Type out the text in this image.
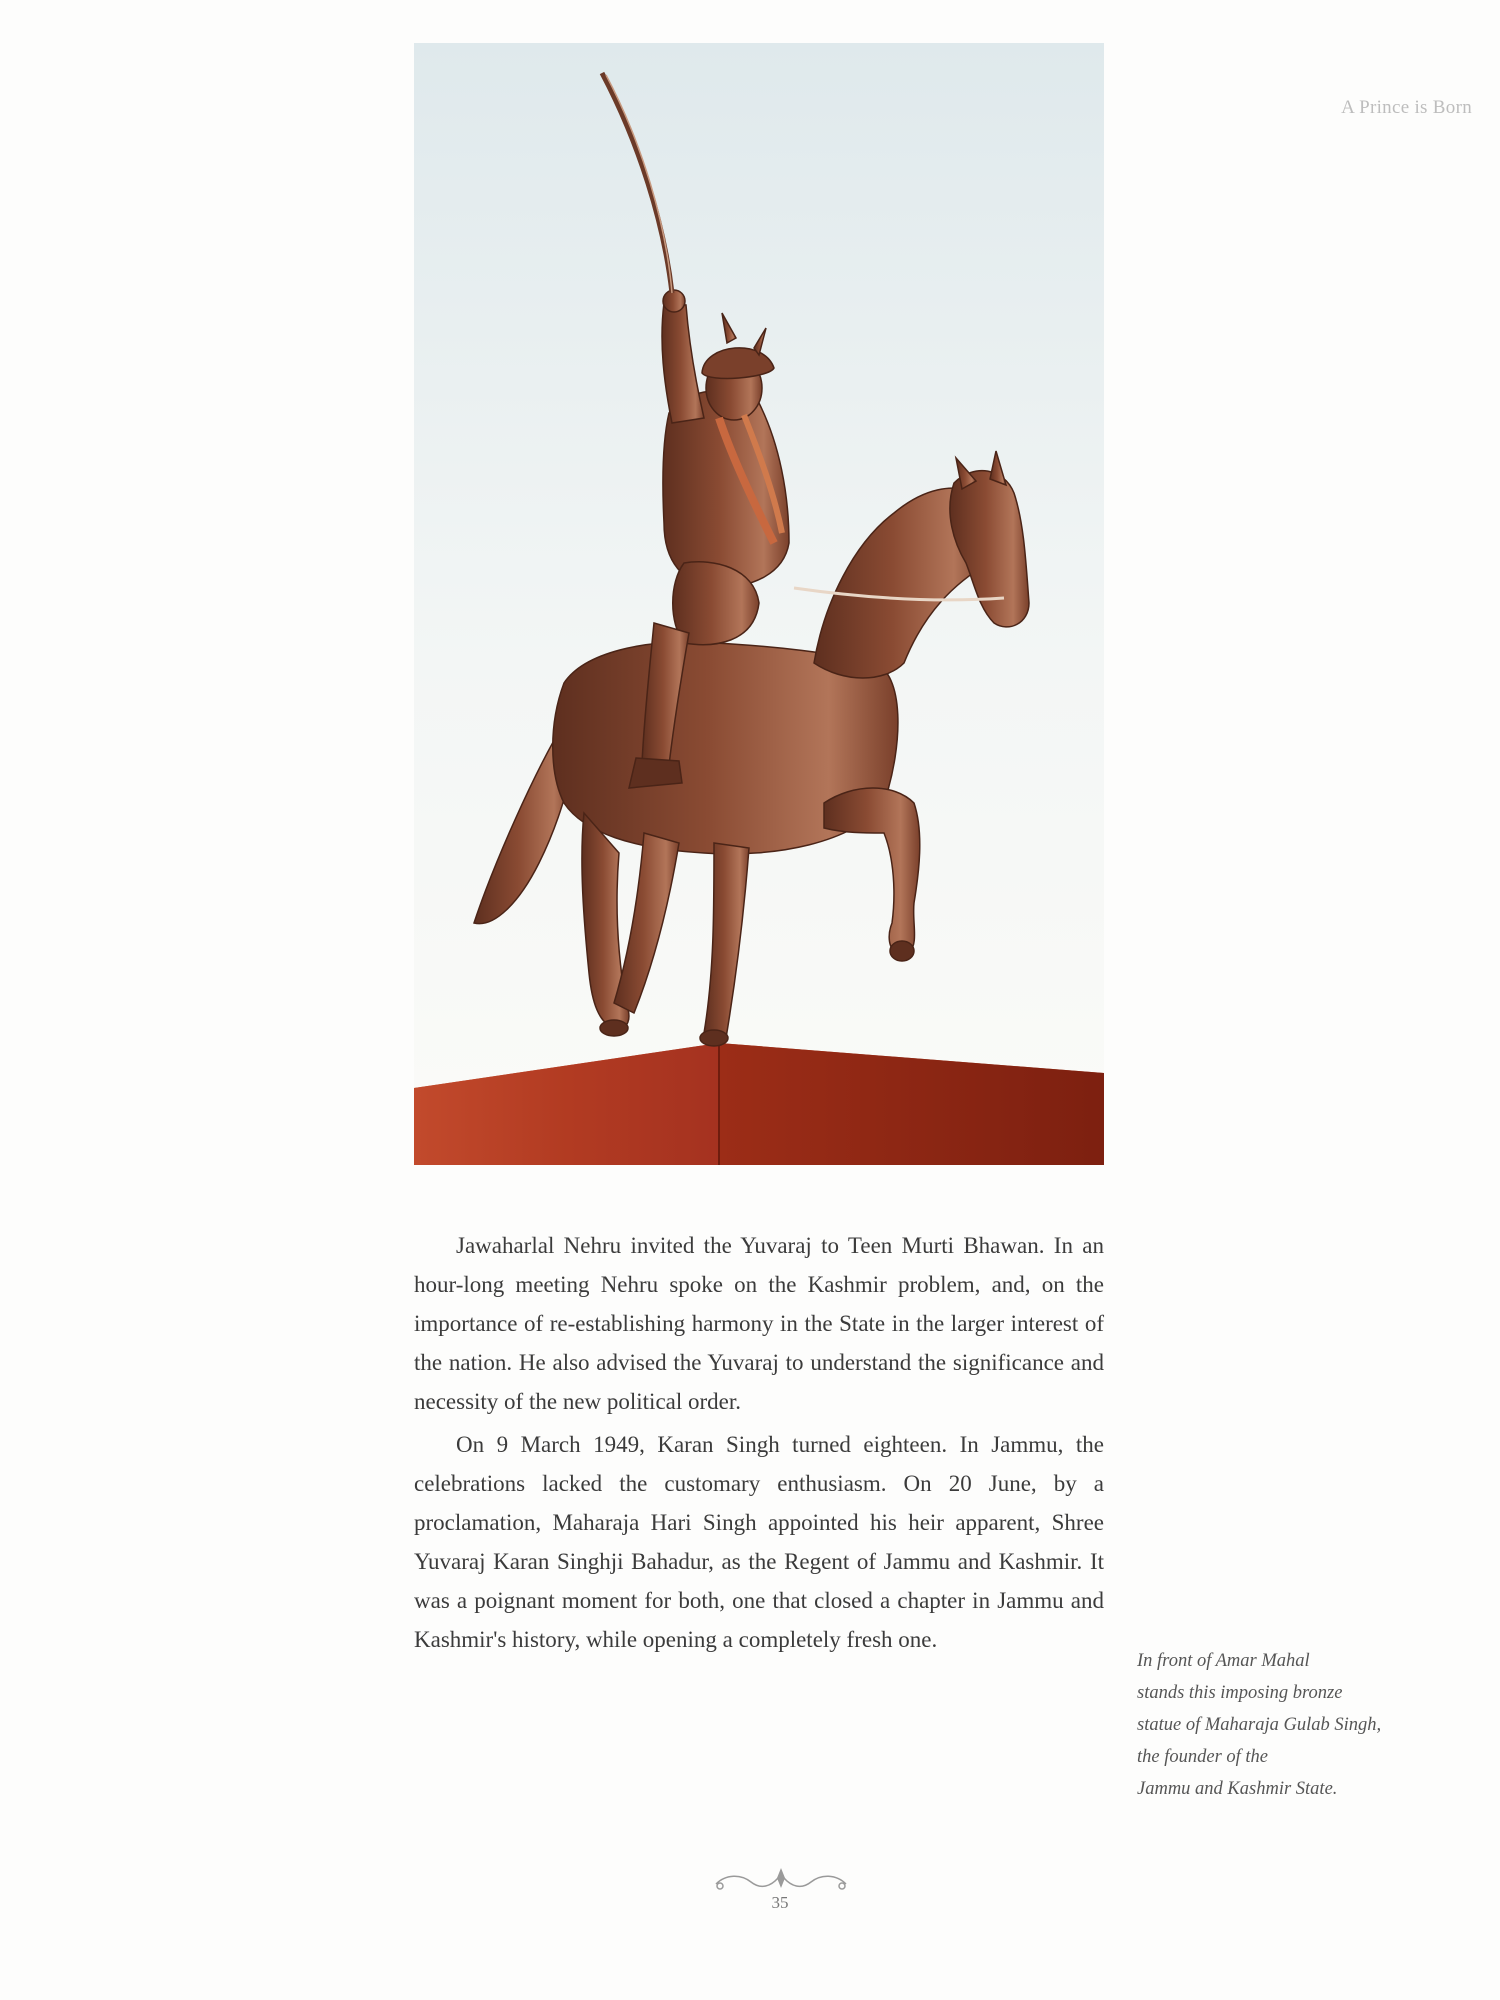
A Prince is Born

Jawaharlal Nehru invited the Yuvaraj to Teen Murti Bhawan. In an hour-long meeting Nehru spoke on the Kashmir problem, and, on the importance of re-establishing harmony in the State in the larger interest of the nation. He also advised the Yuvaraj to understand the significance and necessity of the new political order.

On 9 March 1949, Karan Singh turned eighteen. In Jammu, the celebrations lacked the customary enthusiasm. On 20 June, by a proclamation, Maharaja Hari Singh appointed his heir apparent, Shree Yuvaraj Karan Singhji Bahadur, as the Regent of Jammu and Kashmir. It was a poignant moment for both, one that closed a chapter in Jammu and Kashmir's history, while opening a completely fresh one.

In front of Amar Mahal
stands this imposing bronze
statue of Maharaja Gulab Singh,
the founder of the
Jammu and Kashmir State.
35
